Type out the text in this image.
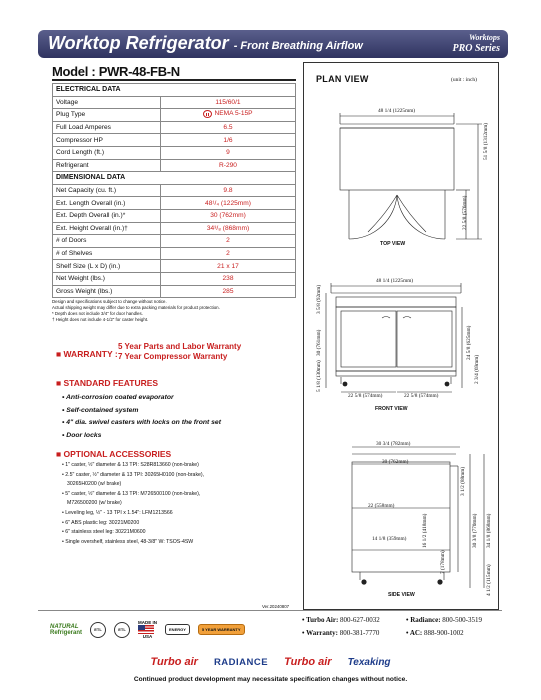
Worktop Refrigerator - Front Breathing Airflow
Worktops
PRO Series
Model : PWR-48-FB-N
ELECTRICAL DATA	
Voltage	115/60/1
Plug Type	NEMA 5-15P

Full Load Amperes	6.5
Compressor HP	1/6
Cord Length (ft.)	9
Refrigerant	R-290
DIMENSIONAL DATA	
Net Capacity (cu. ft.)	9.8
Ext. Length Overall (in.)	48¹/₄ (1225mm)
Ext. Depth Overall (in.)*	30 (762mm)
Ext. Height Overall (in.)†	34³/₈ (868mm)
# of Doors	2
# of Shelves	2
Shelf Size (L x D) (in.)	21 x 17
Net Weight (lbs.)	238
Gross Weight (lbs.)	285
Design and specifications subject to change without notice.
Actual shipping weight may differ due to extra packing materials for product protection.
* Depth does not include 3/4" for door handles.
† Height does not include 4-1/2" for caster height.
■ WARRANTY :
5 Year Parts and Labor Warranty
7 Year Compressor Warranty
■ STANDARD FEATURES
• Anti-corrosion coated evaporator
• Self-contained system
• 4" dia. swivel casters with locks on the front set
• Door locks
■ OPTIONAL ACCESSORIES
• 1" caster, ½" diameter & 13 TPI: S28R813660 (non-brake)
• 2.5" caster, ½" diameter & 13 TPI: 30265H0100 (non-brake),
30265H0200 (w/ brake)
• 5" caster, ½" diameter & 13 TPI: M726500100 (non-brake),
M726500200 (w/ brake)
• Leveling leg, ½" - 13 TPI x 1.54": LFM1213566
• 6" ABS plastic leg: 30221M0200
• 6" stainless steel leg: 30221M0600
• Single overshelf, stainless steel, 48-3/8" W: TSOS-4SW
Ver.20240807
PLAN VIEW	(unit : inch)
48 1/4 (1225mm)
51 5/8 (1312mm)
22 5/8 (576mm)
TOP VIEW
48 1/4 (1225mm)
3 5/8 (92mm)
30 (761mm)	24 5/8 (625mm)
2 3/4 (69mm)
5 1/8 (130mm)
22 5/8 (574mm)	22 5/8 (574mm)
FRONT VIEW
30 3/4 (782mm)
30 (762mm)
22 (558mm)
16 1/2 (418mm)
14 1/8 (359mm)	30 3/8 (770mm) 34 1/8 (868mm)
3 1/2 (88mm)
7 (178mm)
4 1/2 (115mm)
SIDE VIEW
NATURAL
Refrigerant	ETL	ETL
MADE IN
USA
ENERGY	5 YEAR WARRANTY
• Turbo Air: 800-627-0032	• Radiance: 800-500-3519
• Warranty: 800-381-7770	• AC: 888-900-1002
Turbo air RADIANCE Turbo air Texaking
Continued product development may necessitate specification changes without notice.
